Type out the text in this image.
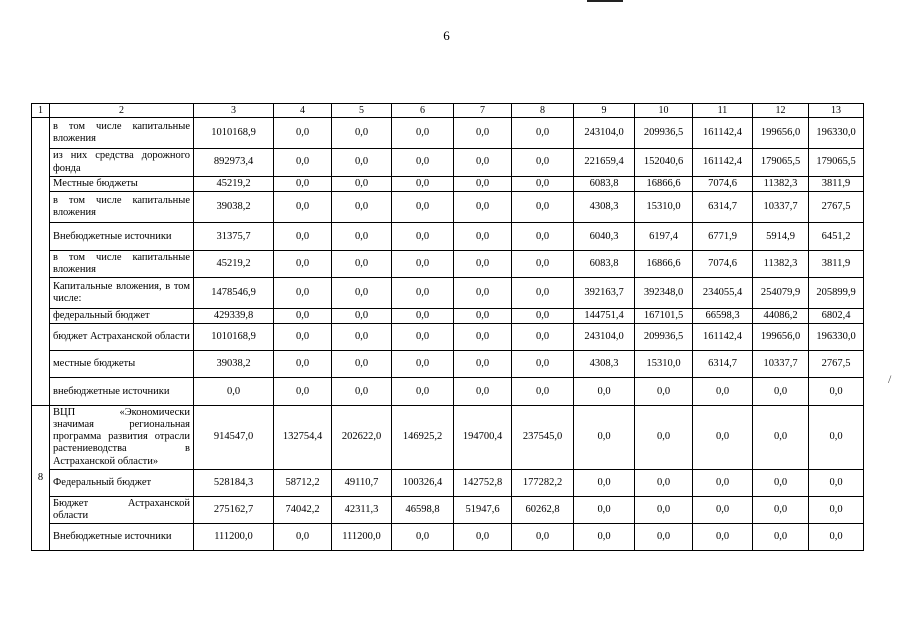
6
/
1	2	3	4	5	6	7	8	9	10	11	12	13
	в том числе капитальные вложения	1010168,9	0,0	0,0	0,0	0,0	0,0	243104,0	209936,5	161142,4	199656,0	196330,0
	из них средства дорожного фонда	892973,4	0,0	0,0	0,0	0,0	0,0	221659,4	152040,6	161142,4	179065,5	179065,5
	Местные бюджеты	45219,2	0,0	0,0	0,0	0,0	0,0	6083,8	16866,6	7074,6	11382,3	3811,9
	в том числе капитальные вложения	39038,2	0,0	0,0	0,0	0,0	0,0	4308,3	15310,0	6314,7	10337,7	2767,5
	Внебюджетные источники	31375,7	0,0	0,0	0,0	0,0	0,0	6040,3	6197,4	6771,9	5914,9	6451,2
	в том числе капитальные вложения	45219,2	0,0	0,0	0,0	0,0	0,0	6083,8	16866,6	7074,6	11382,3	3811,9
	Капитальные вложения, в том числе:	1478546,9	0,0	0,0	0,0	0,0	0,0	392163,7	392348,0	234055,4	254079,9	205899,9
	федеральный бюджет	429339,8	0,0	0,0	0,0	0,0	0,0	144751,4	167101,5	66598,3	44086,2	6802,4
	бюджет Астраханской области	1010168,9	0,0	0,0	0,0	0,0	0,0	243104,0	209936,5	161142,4	199656,0	196330,0
	местные бюджеты	39038,2	0,0	0,0	0,0	0,0	0,0	4308,3	15310,0	6314,7	10337,7	2767,5
	внебюджетные источники	0,0	0,0	0,0	0,0	0,0	0,0	0,0	0,0	0,0	0,0	0,0
8	ВЦП «Экономически значимая региональная программа развития отрасли растениеводства в Астраханской области»	914547,0	132754,4	202622,0	146925,2	194700,4	237545,0	0,0	0,0	0,0	0,0	0,0
	Федеральный бюджет	528184,3	58712,2	49110,7	100326,4	142752,8	177282,2	0,0	0,0	0,0	0,0	0,0
	Бюджет Астраханской области	275162,7	74042,2	42311,3	46598,8	51947,6	60262,8	0,0	0,0	0,0	0,0	0,0
	Внебюджетные источники	111200,0	0,0	111200,0	0,0	0,0	0,0	0,0	0,0	0,0	0,0	0,0
